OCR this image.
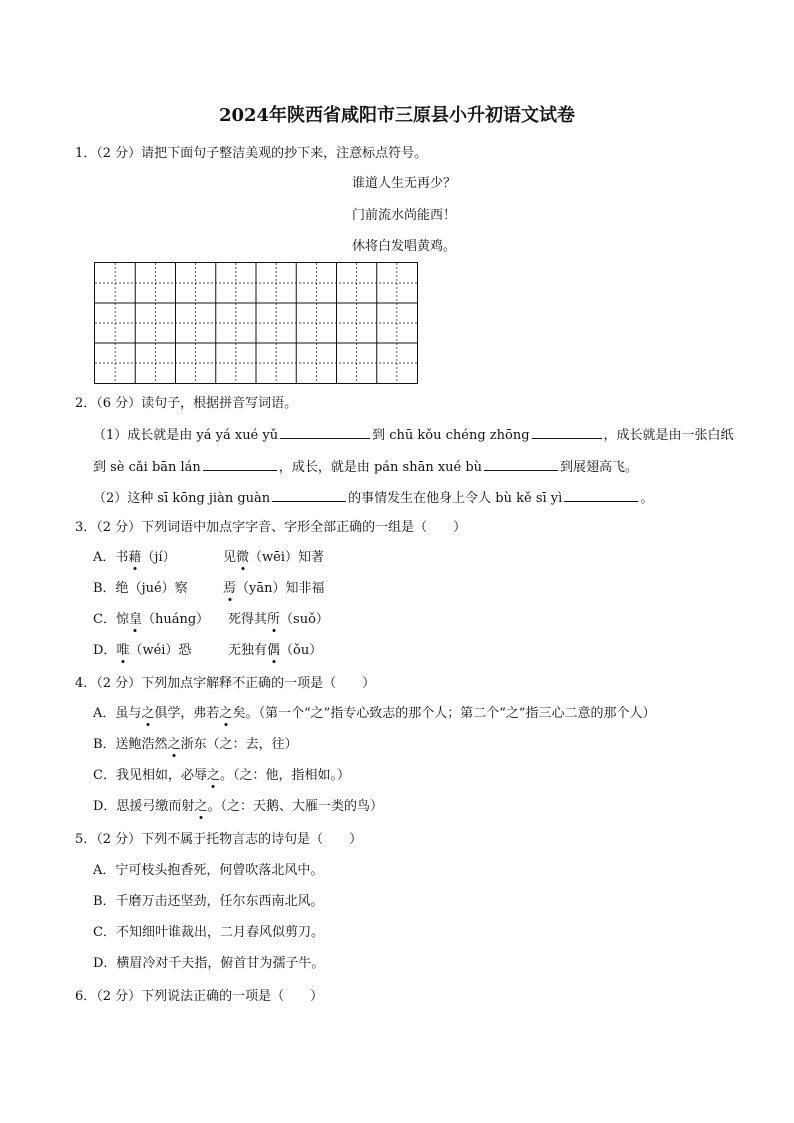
2024年陕西省咸阳市三原县小升初语文试卷
1．（2 分）请把下面句子整洁美观的抄下来，注意标点符号。
谁道人生无再少？
门前流水尚能西！
休将白发唱黄鸡。
2．（6 分）读句子，根据拼音写词语。
（1）成长就是由 yá yá xué yǔ	到 chū kǒu chéng zhōng	，成长就是由一张白纸
到 sè cǎi bān lán	，成长，就是由 pán shān xué bù	到展翅高飞。
（2）这种 sī kōng jiàn guàn	的事情发生在他身上令人 bù kě sī yì	。
3．（2 分）下列词语中加点字字音、字形全部正确的一组是（　　）
A．书藉（jí）	见微（wēi）知著
B．绝（jué）察	焉（yān）知非福
C．惊皇（huáng） 死得其所（suǒ）
D．唯（wéi）恐	无独有偶（ǒu）
4．（2 分）下列加点字解释不正确的一项是（　　）
A．虽与之俱学，弗若之矣。（第一个“之”指专心致志的那个人；第二个“之”指三心二意的那个人）
B．送鲍浩然之浙东（之：去，往）
C．我见相如，必辱之。（之：他，指相如。）
D．思援弓缴而射之。（之：天鹅、大雁一类的鸟）
5．（2 分）下列不属于托物言志的诗句是（　　）
A．宁可枝头抱香死，何曾吹落北风中。
B．千磨万击还坚劲，任尔东西南北风。
C．不知细叶谁裁出，二月春风似剪刀。
D．横眉冷对千夫指，俯首甘为孺子牛。
6．（2 分）下列说法正确的一项是（　　）
